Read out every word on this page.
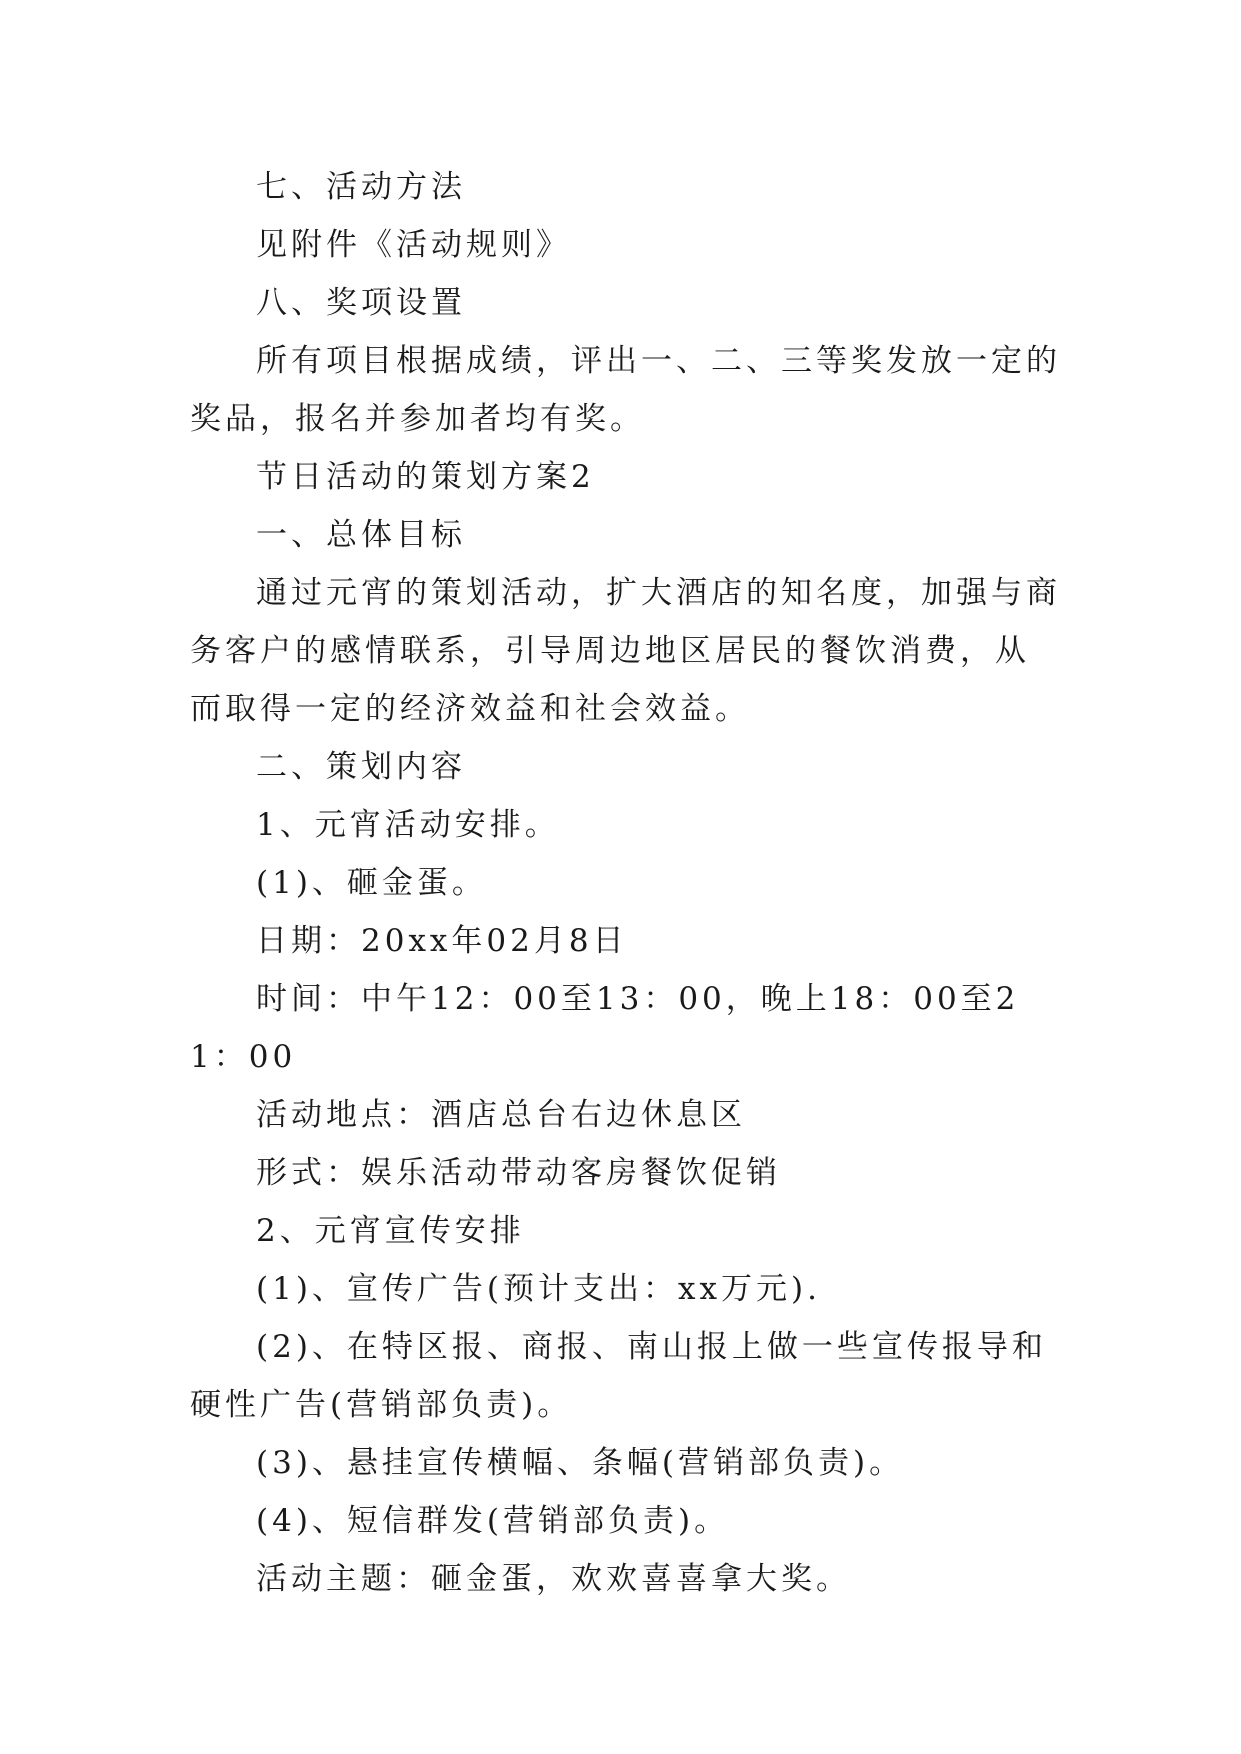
七、活动方法

见附件《活动规则》

八、奖项设置

所有项目根据成绩，评出一、二、三等奖发放一定的奖品，报名并参加者均有奖。

节日活动的策划方案2

一、总体目标

通过元宵的策划活动，扩大酒店的知名度，加强与商务客户的感情联系，引导周边地区居民的餐饮消费，从而取得一定的经济效益和社会效益。

二、策划内容

1、元宵活动安排。

(1)、砸金蛋。

日期：20xx年02月8日

时间：中午12：00至13：00，晚上18：00至21：00

活动地点：酒店总台右边休息区

形式：娱乐活动带动客房餐饮促销

2、元宵宣传安排

(1)、宣传广告(预计支出：xx万元).

(2)、在特区报、商报、南山报上做一些宣传报导和硬性广告(营销部负责)。

(3)、悬挂宣传横幅、条幅(营销部负责)。

(4)、短信群发(营销部负责)。

活动主题：砸金蛋，欢欢喜喜拿大奖。
